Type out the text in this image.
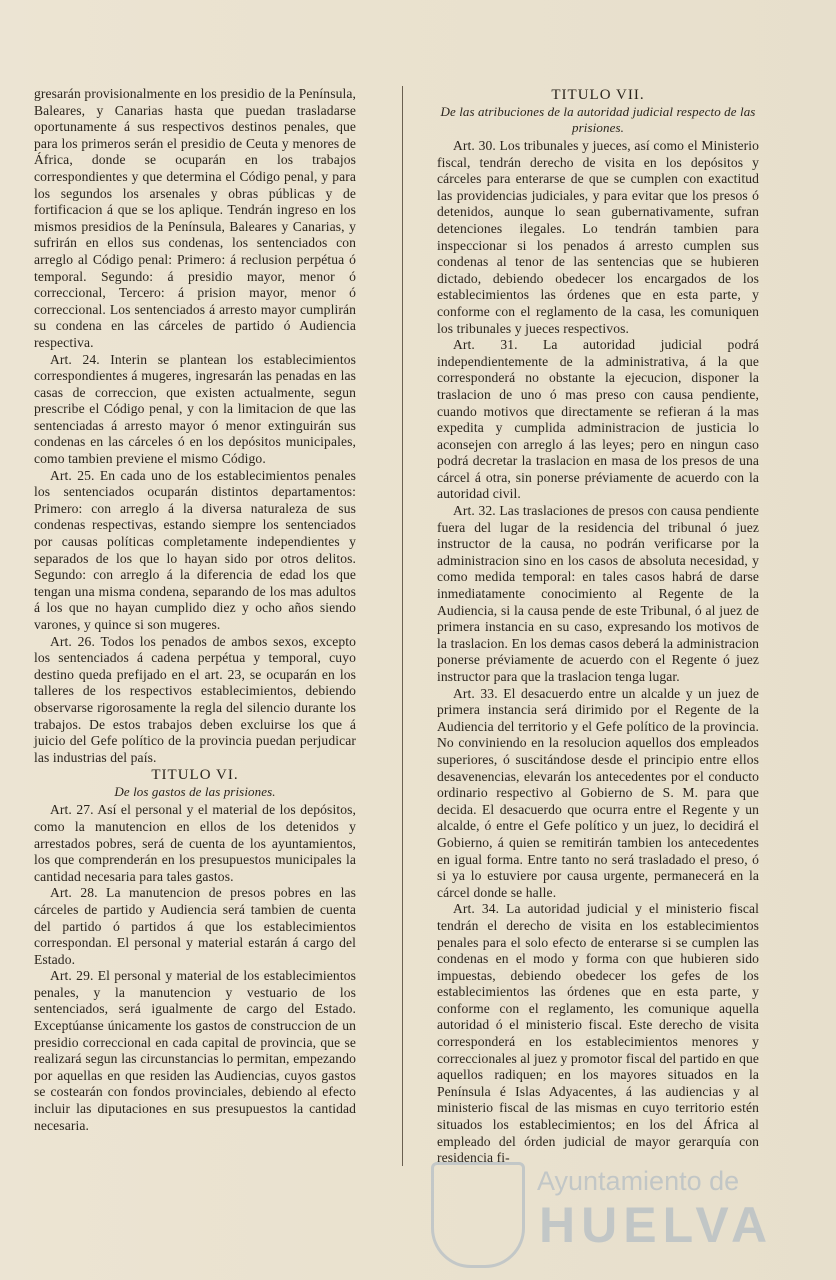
gresarán provisionalmente en los presidio de la Península, Baleares, y Canarias hasta que puedan trasladarse oportunamente á sus respectivos destinos penales, que para los primeros serán el presidio de Ceuta y menores de África, donde se ocuparán en los trabajos correspondientes y que determina el Código penal, y para los segundos los arsenales y obras públicas y de fortificacion á que se los aplique. Tendrán ingreso en los mismos presidios de la Península, Baleares y Canarias, y sufrirán en ellos sus condenas, los sentenciados con arreglo al Código penal: Primero: á reclusion perpétua ó temporal. Segundo: á presidio mayor, menor ó correccional, Tercero: á prision mayor, menor ó correccional. Los sentenciados á arresto mayor cumplirán su condena en las cárceles de partido ó Audiencia respectiva.

Art. 24. Interin se plantean los establecimientos correspondientes á mugeres, ingresarán las penadas en las casas de correccion, que existen actualmente, segun prescribe el Código penal, y con la limitacion de que las sentenciadas á arresto mayor ó menor extinguirán sus condenas en las cárceles ó en los depósitos municipales, como tambien previene el mismo Código.

Art. 25. En cada uno de los establecimientos penales los sentenciados ocuparán distintos departamentos: Primero: con arreglo á la diversa naturaleza de sus condenas respectivas, estando siempre los sentenciados por causas políticas completamente independientes y separados de los que lo hayan sido por otros delitos. Segundo: con arreglo á la diferencia de edad los que tengan una misma condena, separando de los mas adultos á los que no hayan cumplido diez y ocho años siendo varones, y quince si son mugeres.

Art. 26. Todos los penados de ambos sexos, excepto los sentenciados á cadena perpétua y temporal, cuyo destino queda prefijado en el art. 23, se ocuparán en los talleres de los respectivos establecimientos, debiendo observarse rigorosamente la regla del silencio durante los trabajos. De estos trabajos deben excluirse los que á juicio del Gefe político de la provincia puedan perjudicar las industrias del país.

TITULO VI.
De los gastos de las prisiones.

Art. 27. Así el personal y el material de los depósitos, como la manutencion en ellos de los detenidos y arrestados pobres, será de cuenta de los ayuntamientos, los que comprenderán en los presupuestos municipales la cantidad necesaria para tales gastos.

Art. 28. La manutencion de presos pobres en las cárceles de partido y Audiencia será tambien de cuenta del partido ó partidos á que los establecimientos correspondan. El personal y material estarán á cargo del Estado.

Art. 29. El personal y material de los establecimientos penales, y la manutencion y vestuario de los sentenciados, será igualmente de cargo del Estado. Exceptúanse únicamente los gastos de construccion de un presidio correccional en cada capital de provincia, que se realizará segun las circunstancias lo permitan, empezando por aquellas en que residen las Audiencias, cuyos gastos se costearán con fondos provinciales, debiendo al efecto incluir las diputaciones en sus presupuestos la cantidad necesaria.

TITULO VII.
De las atribuciones de la autoridad judicial respecto de las prisiones.

Art. 30. Los tribunales y jueces, así como el Ministerio fiscal, tendrán derecho de visita en los depósitos y cárceles para enterarse de que se cumplen con exactitud las providencias judiciales, y para evitar que los presos ó detenidos, aunque lo sean gubernativamente, sufran detenciones ilegales. Lo tendrán tambien para inspeccionar si los penados á arresto cumplen sus condenas al tenor de las sentencias que se hubieren dictado, debiendo obedecer los encargados de los establecimientos las órdenes que en esta parte, y conforme con el reglamento de la casa, les comuniquen los tribunales y jueces respectivos.

Art. 31. La autoridad judicial podrá independientemente de la administrativa, á la que corresponderá no obstante la ejecucion, disponer la traslacion de uno ó mas preso con causa pendiente, cuando motivos que directamente se refieran á la mas expedita y cumplida administracion de justicia lo aconsejen con arreglo á las leyes; pero en ningun caso podrá decretar la traslacion en masa de los presos de una cárcel á otra, sin ponerse préviamente de acuerdo con la autoridad civil.

Art. 32. Las traslaciones de presos con causa pendiente fuera del lugar de la residencia del tribunal ó juez instructor de la causa, no podrán verificarse por la administracion sino en los casos de absoluta necesidad, y como medida temporal: en tales casos habrá de darse inmediatamente conocimiento al Regente de la Audiencia, si la causa pende de este Tribunal, ó al juez de primera instancia en su caso, expresando los motivos de la traslacion. En los demas casos deberá la administracion ponerse préviamente de acuerdo con el Regente ó juez instructor para que la traslacion tenga lugar.

Art. 33. El desacuerdo entre un alcalde y un juez de primera instancia será dirimido por el Regente de la Audiencia del territorio y el Gefe político de la provincia. No conviniendo en la resolucion aquellos dos empleados superiores, ó suscitándose desde el principio entre ellos desavenencias, elevarán los antecedentes por el conducto ordinario respectivo al Gobierno de S. M. para que decida. El desacuerdo que ocurra entre el Regente y un alcalde, ó entre el Gefe político y un juez, lo decidirá el Gobierno, á quien se remitirán tambien los antecedentes en igual forma. Entre tanto no será trasladado el preso, ó si ya lo estuviere por causa urgente, permanecerá en la cárcel donde se halle.

Art. 34. La autoridad judicial y el ministerio fiscal tendrán el derecho de visita en los establecimientos penales para el solo efecto de enterarse si se cumplen las condenas en el modo y forma con que hubieren sido impuestas, debiendo obedecer los gefes de los establecimientos las órdenes que en esta parte, y conforme con el reglamento, les comunique aquella autoridad ó el ministerio fiscal. Este derecho de visita corresponderá en los establecimientos menores y correccionales al juez y promotor fiscal del partido en que aquellos radiquen; en los mayores situados en la Península é Islas Adyacentes, á las audiencias y al ministerio fiscal de las mismas en cuyo territorio estén situados los establecimientos; en los del África al empleado del órden judicial de mayor gerarquía con residencia fi-

Ayuntamiento de
HUELVA
